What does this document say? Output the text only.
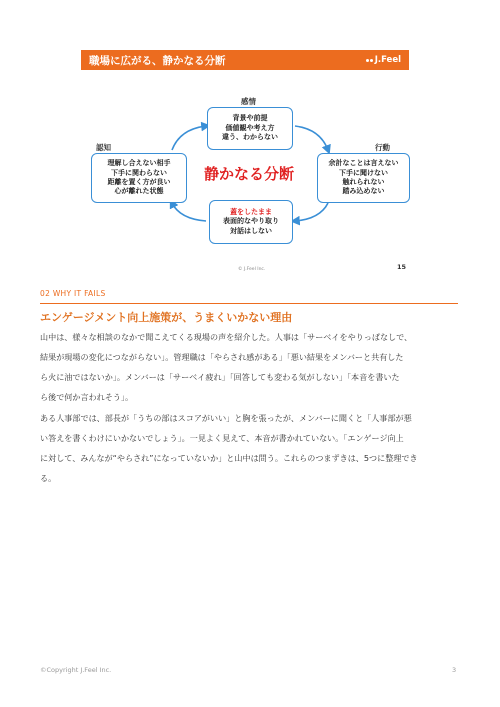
職場に広がる、静かなる分断	J.Feel
感情
背景や前提
価値観や考え方
違う、わからない
認知
理解し合えない相手
下手に関わらない
距離を置く方が良い
心が離れた状態
静かなる分断
行動
余計なことは言えない
下手に聞けない
触れられない
踏み込めない
蓋をしたまま
表面的なやり取り
対話はしない
© J.Feel Inc.	15
02 WHY IT FAILS
エンゲージメント向上施策が、うまくいかない理由

山中は、様々な相談のなかで聞こえてくる現場の声を紹介した。人事は「サーベイをやりっぱなしで、
結果が現場の変化につながらない」。管理職は「やらされ感がある」「悪い結果をメンバーと共有した
ら火に油ではないか」。メンバーは「サーベイ疲れ」「回答しても変わる気がしない」「本音を書いた
ら後で何か言われそう」。

ある人事部では、部長が「うちの部はスコアがいい」と胸を張ったが、メンバーに聞くと「人事部が悪
い答えを書くわけにいかないでしょう」。一見よく見えて、本音が書かれていない。「エンゲージ向上
に対して、みんなが“やらされ”になっていないか」と山中は問う。これらのつまずきは、5つに整理でき
る。

©Copyright J.Feel Inc.	3
